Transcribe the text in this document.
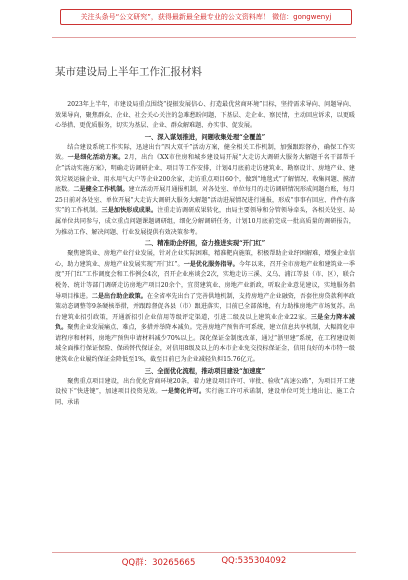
关注头条号“公文研究”，获得最新最全最专业的公文资料库！ 微信：gongwenyj
某市建设局上半年工作汇报材料

2023年上半年，市建设局重点围绕“提振发展信心、打造最优营商环境”目标，坚持需求导向、问题导向、效果导向，聚焦群众、企业、社会关心关注的急难愁盼问题，下基层、走企业、察民情，主动回应诉求，以更暖心举措、更优质服务，切实为基层、企业、群众解难题、办实事、促发展。

一、深入谋划推进，问题收集处理“全覆盖”

结合建设系统工作实际，迅速出台“四大双千”活动方案，健全相关工作机制，加强跟踪督办，确保工作实效。一是细化活动方案。2月，出台《XX市住房和城乡建设局开展“大走访大调研大服务大解题千名干部帮千企”活动实施方案》，明确走访调研企业、项目等工作安排，计划4月底前走访建筑业、勘察设计、房地产业、建筑垃圾运输企业、用水用气大户等企业200余家，走访重点项目60个，做到“地毯式”了解情况、收集问题、摸清底数。二是健全工作机制。建立活动开展月通报机制，对各处室、单位每月的走访调研情况形成问题台账，每月25日前对各处室、单位开展“大走访大调研大服务大解题”活动进展情况进行通报，形成“事事有回应、件件有落实”的工作机制。三是加快形成成果。注重走访调研成果转化，由局主要领导和分管领导牵头，各相关处室、局属单位共同参与，成立重点问题课题调研组，细化分解调研任务，计划10月底前完成一批高质量的调研报告，为推动工作、解决问题、行业发展提供有效决策参考。

二、精准助企纾困，奋力推进实现“开门红”

聚焦建筑业、房地产业行业发展，针对企业实际困难，精准靶向施策，积极帮助企业纾困解难，增强企业信心，助力建筑业、房地产业发展实现“开门红”。一是优化服务指导。今年以来，召开全市房地产业和建筑业一季度“开门红”工作调度会和工作例会4次，召开企业座谈会2次，实地走访三溪、义乌、浦江等县（市、区），联合税务、统计等部门调研走访房地产项目20余个，宜贯建筑业、房地产业新政，听取企业意见建议，实地服务指导项目推进。二是出台助企政策。在全省率先出台了完善供地机制，支持房地产企业融资，吾套住房贷款利率政策动态调整等9条硬核举措，并跟踪督促各县（市）跟进落实，目前已全部落地，有力助推房地产市场复苏。出台建筑业招引政策，开通新招引企业信用等级评定渠道，引进二级及以上建筑业企业22家。三是全力降本减负。聚焦企业发展痛点、难点，多措并举降本减负。完善房地产预售许可系统，建立信息共享机制，大幅简化申请程序和材料，房地产预售申请材料减少70%以上。深化保证金制度改革，通过“浙里建”系统，在工程建设领域全面推行保证保险、保函替代保证金，对信用8级及以上的本市企业免交投标保证金，信用良好的本市特一级建筑业企业履约保证金降低至1%，截至目前已为企业减轻负担15.76亿元。

三、全面优化流程，推动项目建设“加速度”

聚焦重点项目建设，出台优化营商环境20条，着力建设项目许可、审批、验收“高速公路”，为项目开工建设按下“快进键”，加速项目投资见效。一是简化许可。实行施工许可承诺制，建设单位可凭土地出让、施工合同、承诺

QQ群：30265665	QQ:535304092
